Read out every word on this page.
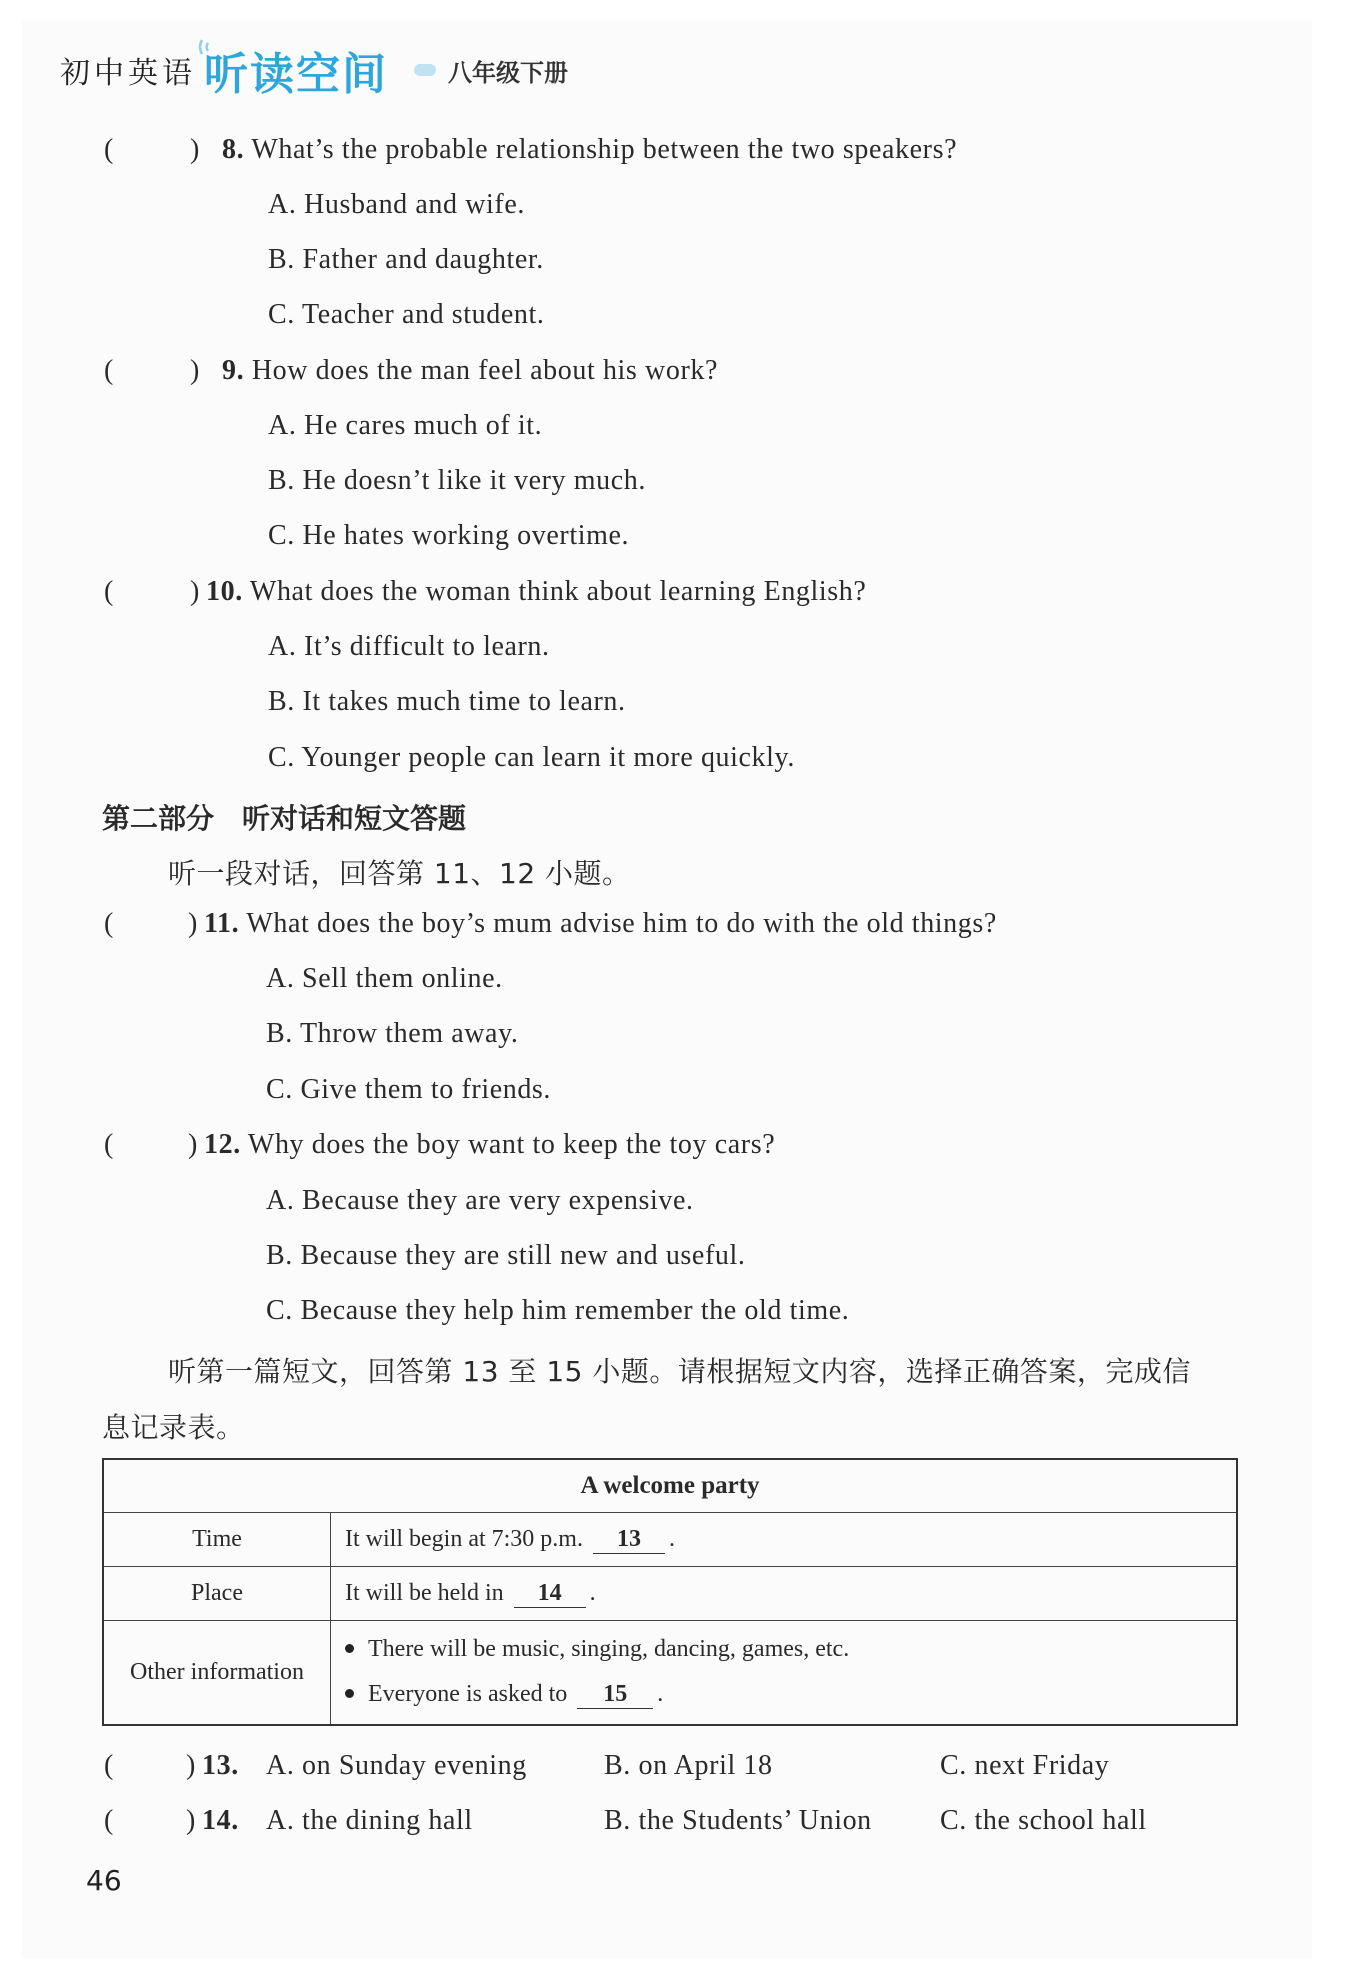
初中英语 听读空间	八年级下册
(	) 8. What’s the probable relationship between the two speakers?
A. Husband and wife.
B. Father and daughter.
C. Teacher and student.
(	) 9. How does the man feel about his work?
A. He cares much of it.
B. He doesn’t like it very much.
C. He hates working overtime.
(	) 10. What does the woman think about learning English?
A. It’s difficult to learn.
B. It takes much time to learn.
C. Younger people can learn it more quickly.
第二部分　听对话和短文答题
听一段对话，回答第 11、12 小题。
(	) 11. What does the boy’s mum advise him to do with the old things?
A. Sell them online.
B. Throw them away.
C. Give them to friends.
(	) 12. Why does the boy want to keep the toy cars?
A. Because they are very expensive.
B. Because they are still new and useful.
C. Because they help him remember the old time.
听第一篇短文，回答第 13 至 15 小题。请根据短文内容，选择正确答案，完成信
息记录表。
A welcome party	
Time	It will begin at 7:30 p.m. 13 .
Place	It will be held in 14 .
Other information	There will be music, singing, dancing, games, etc.
Everyone is asked to 15 .
(	) 13. A. on Sunday evening	B. on April 18	C. next Friday
(	) 14. A. the dining hall	B. the Students’ Union C. the school hall
46
